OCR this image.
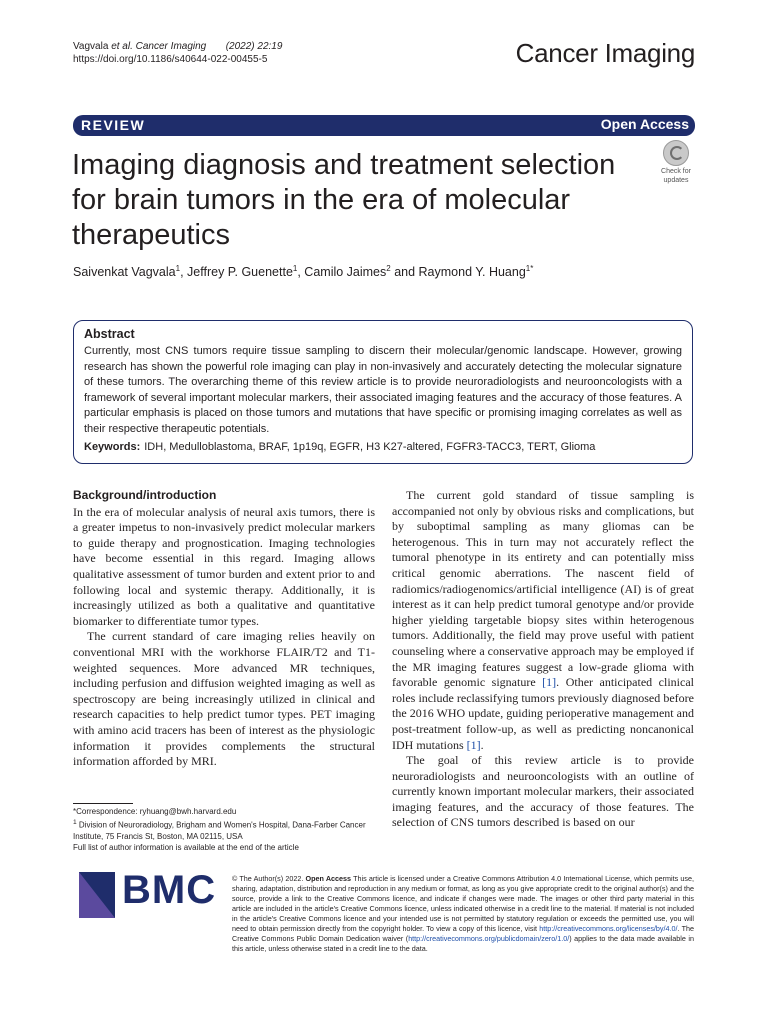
Vagvala et al. Cancer Imaging (2022) 22:19
https://doi.org/10.1186/s40644-022-00455-5	Cancer Imaging
REVIEW	Open Access
Imaging diagnosis and treatment selection for brain tumors in the era of molecular therapeutics
Check for
updates
Saivenkat Vagvala$^1$, Jeffrey P. Guenette$^1$, Camilo Jaimes$^2$ and Raymond Y. Huang$^{1*}$
Abstract
Currently, most CNS tumors require tissue sampling to discern their molecular/genomic landscape. However, growing research has shown the powerful role imaging can play in non-invasively and accurately detecting the molecular signature of these tumors. The overarching theme of this review article is to provide neuroradiologists and neurooncologists with a framework of several important molecular markers, their associated imaging features and the accuracy of those features. A particular emphasis is placed on those tumors and mutations that have specific or promising imaging correlates as well as their respective therapeutic potentials.
Keywords: IDH, Medulloblastoma, BRAF, 1p19q, EGFR, H3 K27-altered, FGFR3-TACC3, TERT, Glioma
Background/introduction

In the era of molecular analysis of neural axis tumors, there is a greater impetus to non-invasively predict molecular markers to guide therapy and prognostication. Imaging technologies have become essential in this regard. Imaging allows qualitative assessment of tumor burden and extent prior to and following local and systemic therapy. Additionally, it is increasingly utilized as both a qualitative and quantitative biomarker to differentiate tumor types.

The current standard of care imaging relies heavily on conventional MRI with the workhorse FLAIR/T2 and T1-weighted sequences. More advanced MR techniques, including perfusion and diffusion weighted imaging as well as spectroscopy are being increasingly utilized in clinical and research capacities to help predict tumor types. PET imaging with amino acid tracers has been of interest as the physiologic information it provides complements the structural information afforded by MRI.

The current gold standard of tissue sampling is accompanied not only by obvious risks and complications, but by suboptimal sampling as many gliomas can be heterogenous. This in turn may not accurately reflect the tumoral phenotype in its entirety and can potentially miss critical genomic aberrations. The nascent field of radiomics/radiogenomics/artificial intelligence (AI) is of great interest as it can help predict tumoral genotype and/or provide higher yielding targetable biopsy sites within heterogenous tumors. Additionally, the field may prove useful with patient counseling where a conservative approach may be employed if the MR imaging features suggest a low-grade glioma with favorable genomic signature [1]. Other anticipated clinical roles include reclassifying tumors previously diagnosed before the 2016 WHO update, guiding perioperative management and post-treatment follow-up, as well as predicting noncanonical IDH mutations [1].

The goal of this review article is to provide neuroradiologists and neurooncologists with an outline of currently known important molecular markers, their associated imaging features, and the accuracy of those features. The selection of CNS tumors described is based on our

*Correspondence: ryhuang@bwh.harvard.edu
$^1$ Division of Neuroradiology, Brigham and Women's Hospital, Dana-Farber Cancer Institute, 75 Francis St, Boston, MA 02115, USA
Full list of author information is available at the end of the article
BMC © The Author(s) 2022. Open Access This article is licensed under a Creative Commons Attribution 4.0 International License, which permits use, sharing, adaptation, distribution and reproduction in any medium or format, as long as you give appropriate credit to the original author(s) and the source, provide a link to the Creative Commons licence, and indicate if changes were made. The images or other third party material in this article are included in the article's Creative Commons licence, unless indicated otherwise in a credit line to the material. If material is not included in the article's Creative Commons licence and your intended use is not permitted by statutory regulation or exceeds the permitted use, you will need to obtain permission directly from the copyright holder. To view a copy of this licence, visit http://creativecommons.org/licenses/by/4.0/. The Creative Commons Public Domain Dedication waiver (http://creativecommons.org/publicdomain/zero/1.0/) applies to the data made available in this article, unless otherwise stated in a credit line to the data.
